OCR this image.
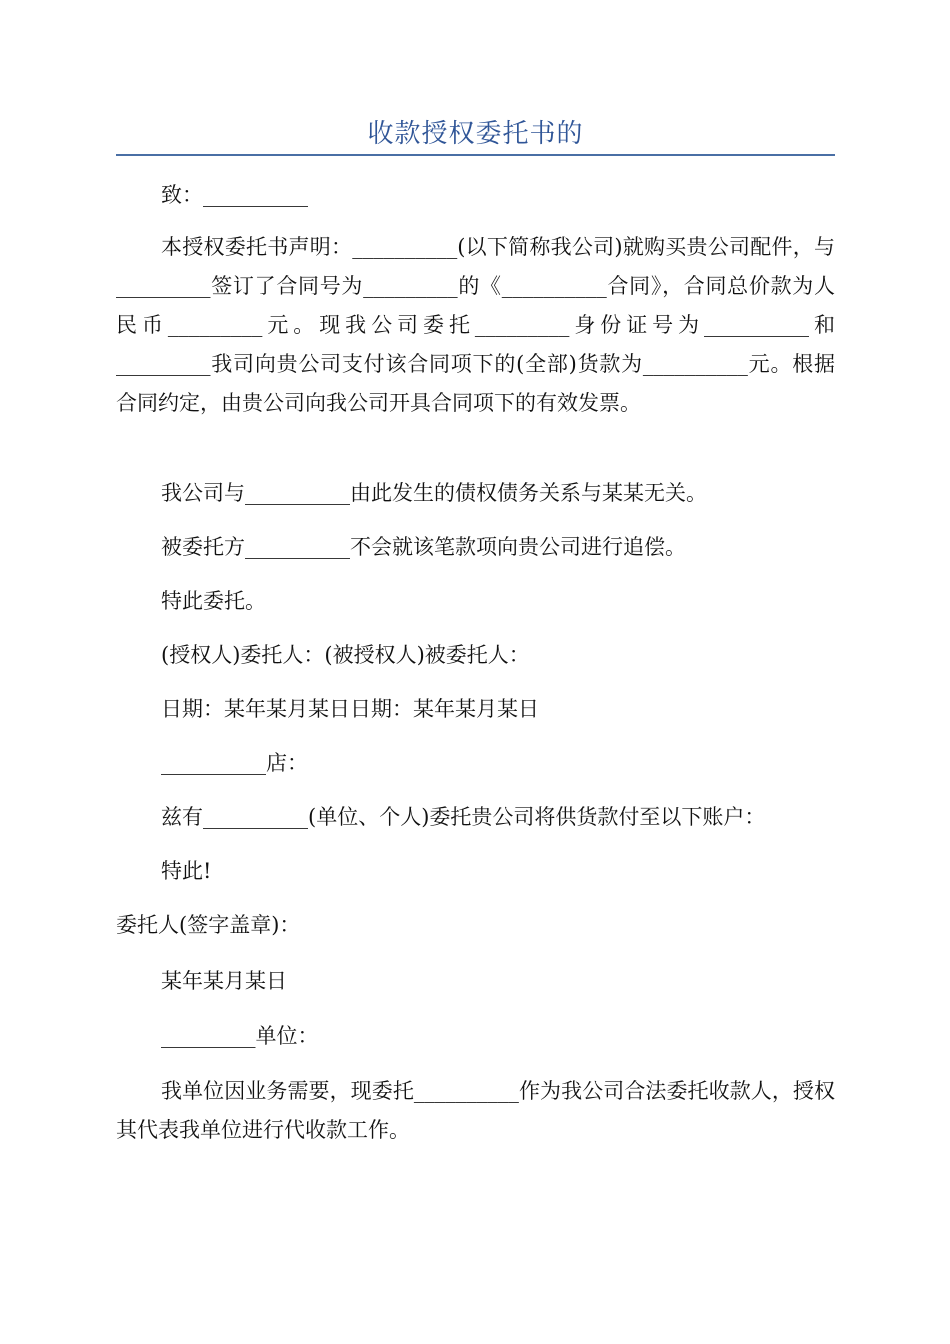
收款授权委托书的

致：__________

本授权委托书声明：__________(以下简称我公司)就购买贵公司配件，与_________签订了合同号为_________的《__________合同》，合同总价款为人民币_________元。现我公司委托_________身份证号为__________和_________我司向贵公司支付该合同项下的(全部)货款为__________元。根据合同约定，由贵公司向我公司开具合同项下的有效发票。

我公司与__________由此发生的债权债务关系与某某无关。

被委托方__________不会就该笔款项向贵公司进行追偿。

特此委托。

(授权人)委托人：(被授权人)被委托人：

日期：某年某月某日日期：某年某月某日

__________店：

兹有__________(单位、个人)委托贵公司将供货款付至以下账户：

特此!

委托人(签字盖章)：

某年某月某日

_________单位：

我单位因业务需要，现委托__________作为我公司合法委托收款人，授权其代表我单位进行代收款工作。
